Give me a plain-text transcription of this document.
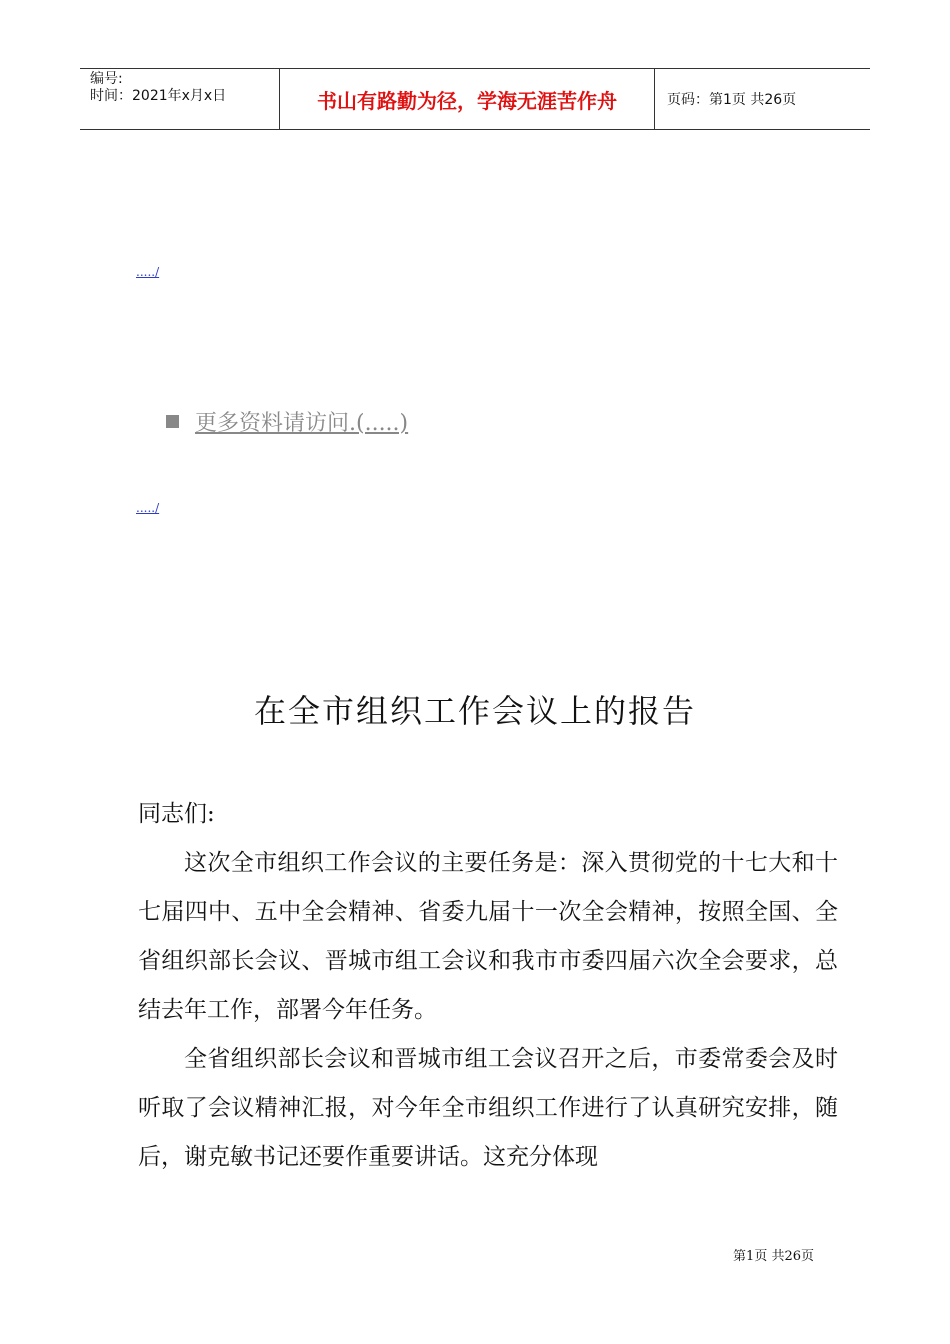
编号:
时间：2021年x月x日	书山有路勤为径，学海无涯苦作舟	页码：第1页 共26页
...../
更多资料请访问.(.....)
...../
在全市组织工作会议上的报告

同志们:

这次全市组织工作会议的主要任务是：深入贯彻党的十七大和十七届四中、五中全会精神、省委九届十一次全会精神，按照全国、全省组织部长会议、晋城市组工会议和我市市委四届六次全会要求，总结去年工作，部署今年任务。

全省组织部长会议和晋城市组工会议召开之后，市委常委会及时听取了会议精神汇报，对今年全市组织工作进行了认真研究安排，随后，谢克敏书记还要作重要讲话。这充分体现

第1页 共26页
